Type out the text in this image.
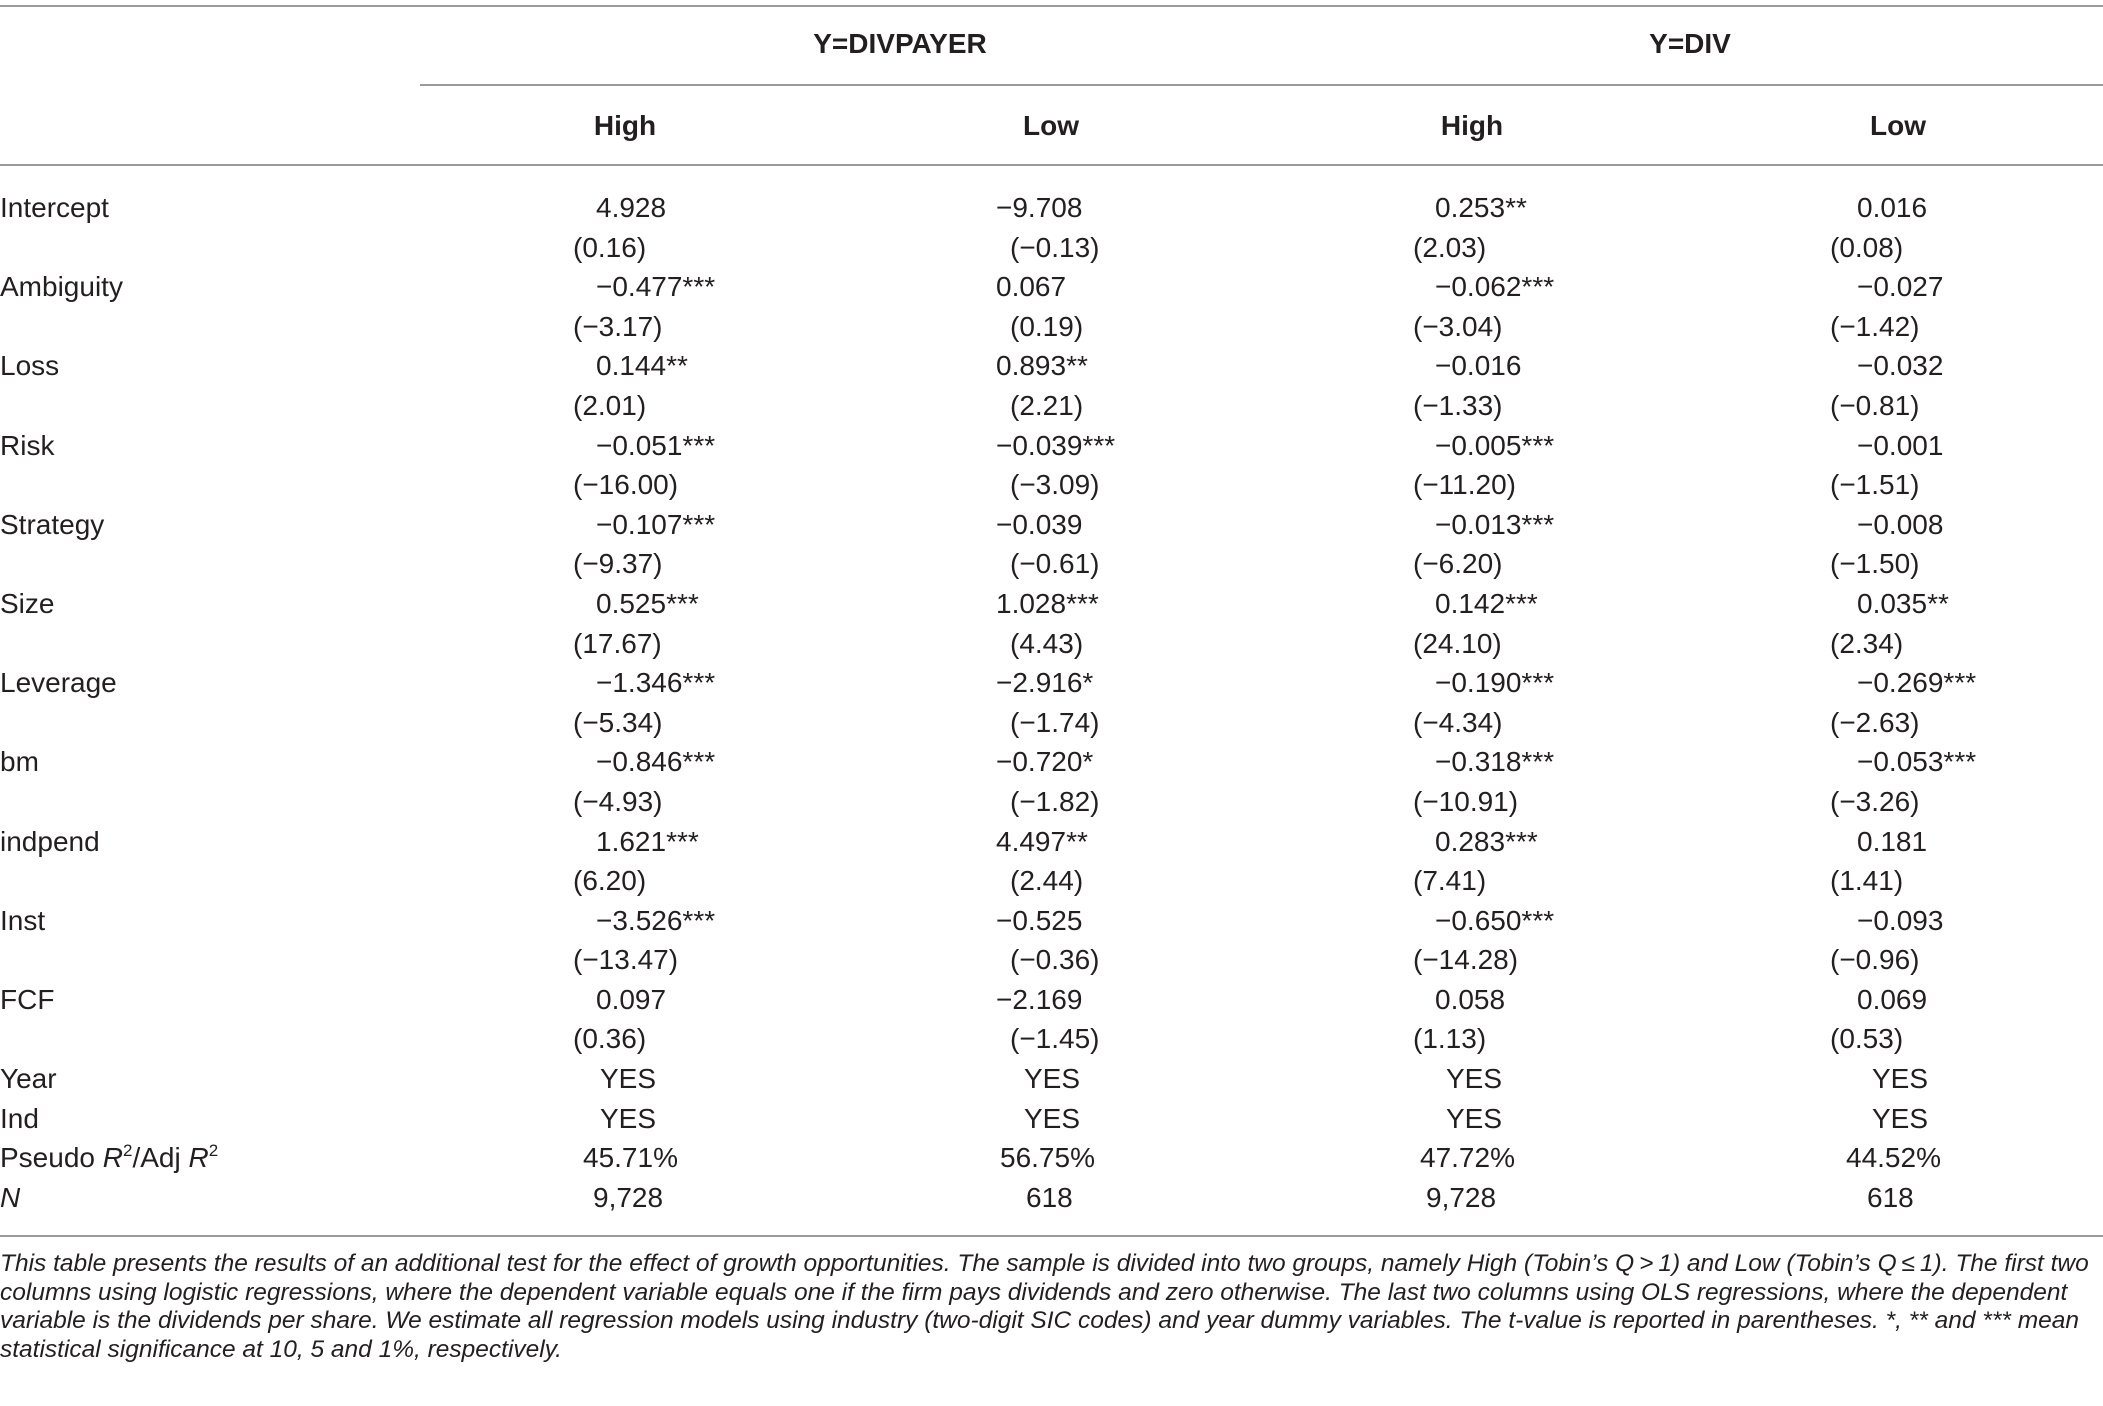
Y=DIVPAYER	Y=DIV
High	Low	High	Low
Intercept	4.928	−9.708	0.253**	0.016
(0.16)	(−0.13)	(2.03)	(0.08)
Ambiguity	−0.477***	0.067	−0.062***	−0.027
(−3.17)	(0.19)	(−3.04)	(−1.42)
Loss	0.144**	0.893**	−0.016	−0.032
(2.01)	(2.21)	(−1.33)	(−0.81)
Risk	−0.051***	−0.039***	−0.005***	−0.001
(−16.00)	(−3.09)	(−11.20)	(−1.51)
Strategy	−0.107***	−0.039	−0.013***	−0.008
(−9.37)	(−0.61)	(−6.20)	(−1.50)
Size	0.525***	1.028***	0.142***	0.035**
(17.67)	(4.43)	(24.10)	(2.34)
Leverage	−1.346***	−2.916*	−0.190***	−0.269***
(−5.34)	(−1.74)	(−4.34)	(−2.63)
bm	−0.846***	−0.720*	−0.318***	−0.053***
(−4.93)	(−1.82)	(−10.91)	(−3.26)
indpend	1.621***	4.497**	0.283***	0.181
(6.20)	(2.44)	(7.41)	(1.41)
Inst	−3.526***	−0.525	−0.650***	−0.093
(−13.47)	(−0.36)	(−14.28)	(−0.96)
FCF	0.097	−2.169	0.058	0.069
(0.36)	(−1.45)	(1.13)	(0.53)
Year	YES	YES	YES	YES
Ind	YES	YES	YES	YES
Pseudo $R^2$/Adj $R^2$	45.71%	56.75%	47.72%	44.52%
N	9,728	618	9,728	618
This table presents the results of an additional test for the effect of growth opportunities. The sample is divided into two groups, namely High (Tobin’s Q > 1) and Low (Tobin’s Q ≤ 1). The first two columns using logistic regressions, where the dependent variable equals one if the firm pays dividends and zero otherwise. The last two columns using OLS regressions, where the dependent variable is the dividends per share. We estimate all regression models using industry (two-digit SIC codes) and year dummy variables. The t-value is reported in parentheses. *, ** and *** mean statistical significance at 10, 5 and 1%, respectively.
